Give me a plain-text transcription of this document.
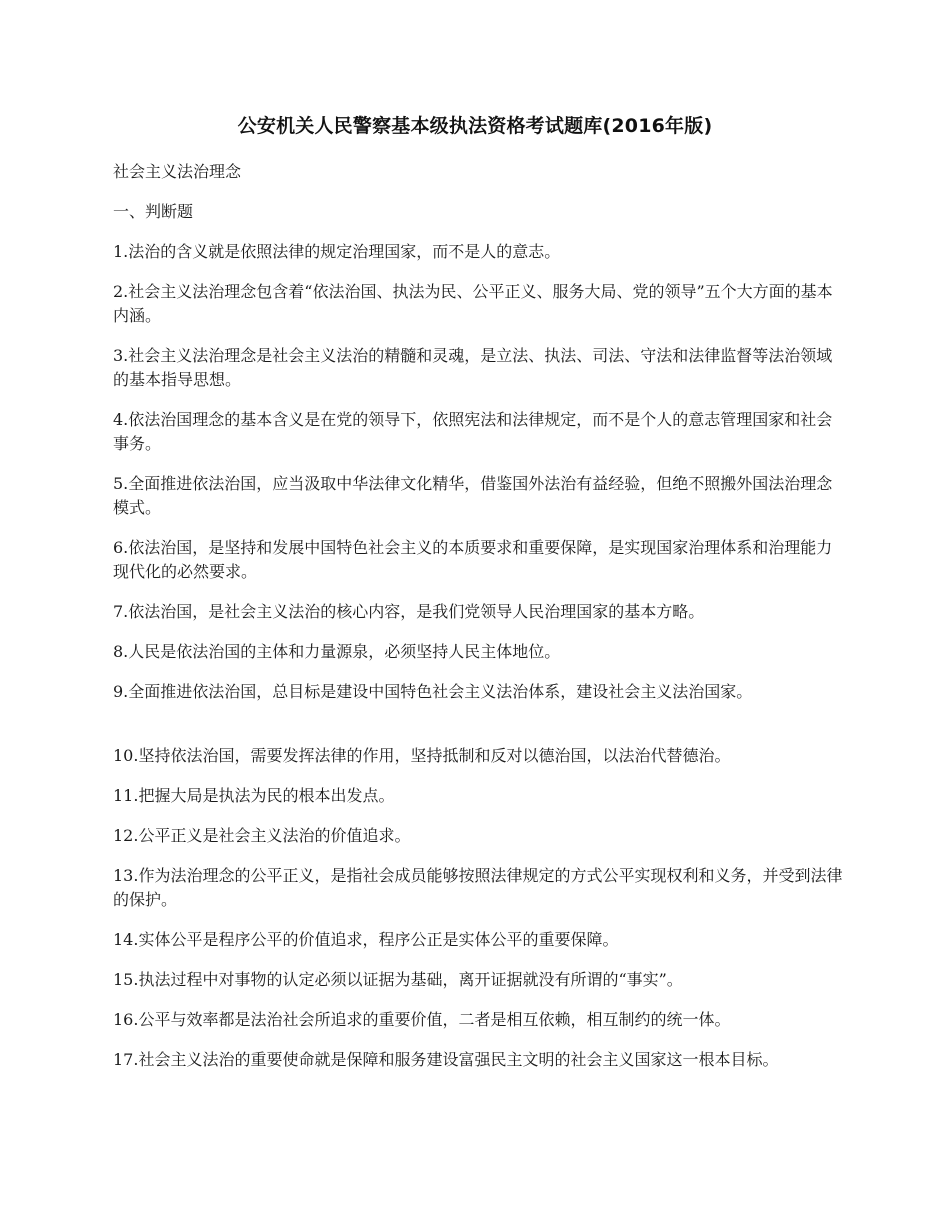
公安机关人民警察基本级执法资格考试题库(2016年版)

社会主义法治理念

一、判断题

1.法治的含义就是依照法律的规定治理国家，而不是人的意志。

2.社会主义法治理念包含着“依法治国、执法为民、公平正义、服务大局、党的领导”五个大方面的基本内涵。

3.社会主义法治理念是社会主义法治的精髓和灵魂，是立法、执法、司法、守法和法律监督等法治领域的基本指导思想。

4.依法治国理念的基本含义是在党的领导下，依照宪法和法律规定，而不是个人的意志管理国家和社会事务。

5.全面推进依法治国，应当汲取中华法律文化精华，借鉴国外法治有益经验，但绝不照搬外国法治理念模式。

6.依法治国，是坚持和发展中国特色社会主义的本质要求和重要保障，是实现国家治理体系和治理能力现代化的必然要求。

7.依法治国，是社会主义法治的核心内容，是我们党领导人民治理国家的基本方略。

8.人民是依法治国的主体和力量源泉，必须坚持人民主体地位。

9.全面推进依法治国，总目标是建设中国特色社会主义法治体系，建设社会主义法治国家。

10.坚持依法治国，需要发挥法律的作用，坚持抵制和反对以德治国，以法治代替德治。

11.把握大局是执法为民的根本出发点。

12.公平正义是社会主义法治的价值追求。

13.作为法治理念的公平正义，是指社会成员能够按照法律规定的方式公平实现权利和义务，并受到法律的保护。

14.实体公平是程序公平的价值追求，程序公正是实体公平的重要保障。

15.执法过程中对事物的认定必须以证据为基础，离开证据就没有所谓的“事实”。

16.公平与效率都是法治社会所追求的重要价值，二者是相互依赖，相互制约的统一体。

17.社会主义法治的重要使命就是保障和服务建设富强民主文明的社会主义国家这一根本目标。
